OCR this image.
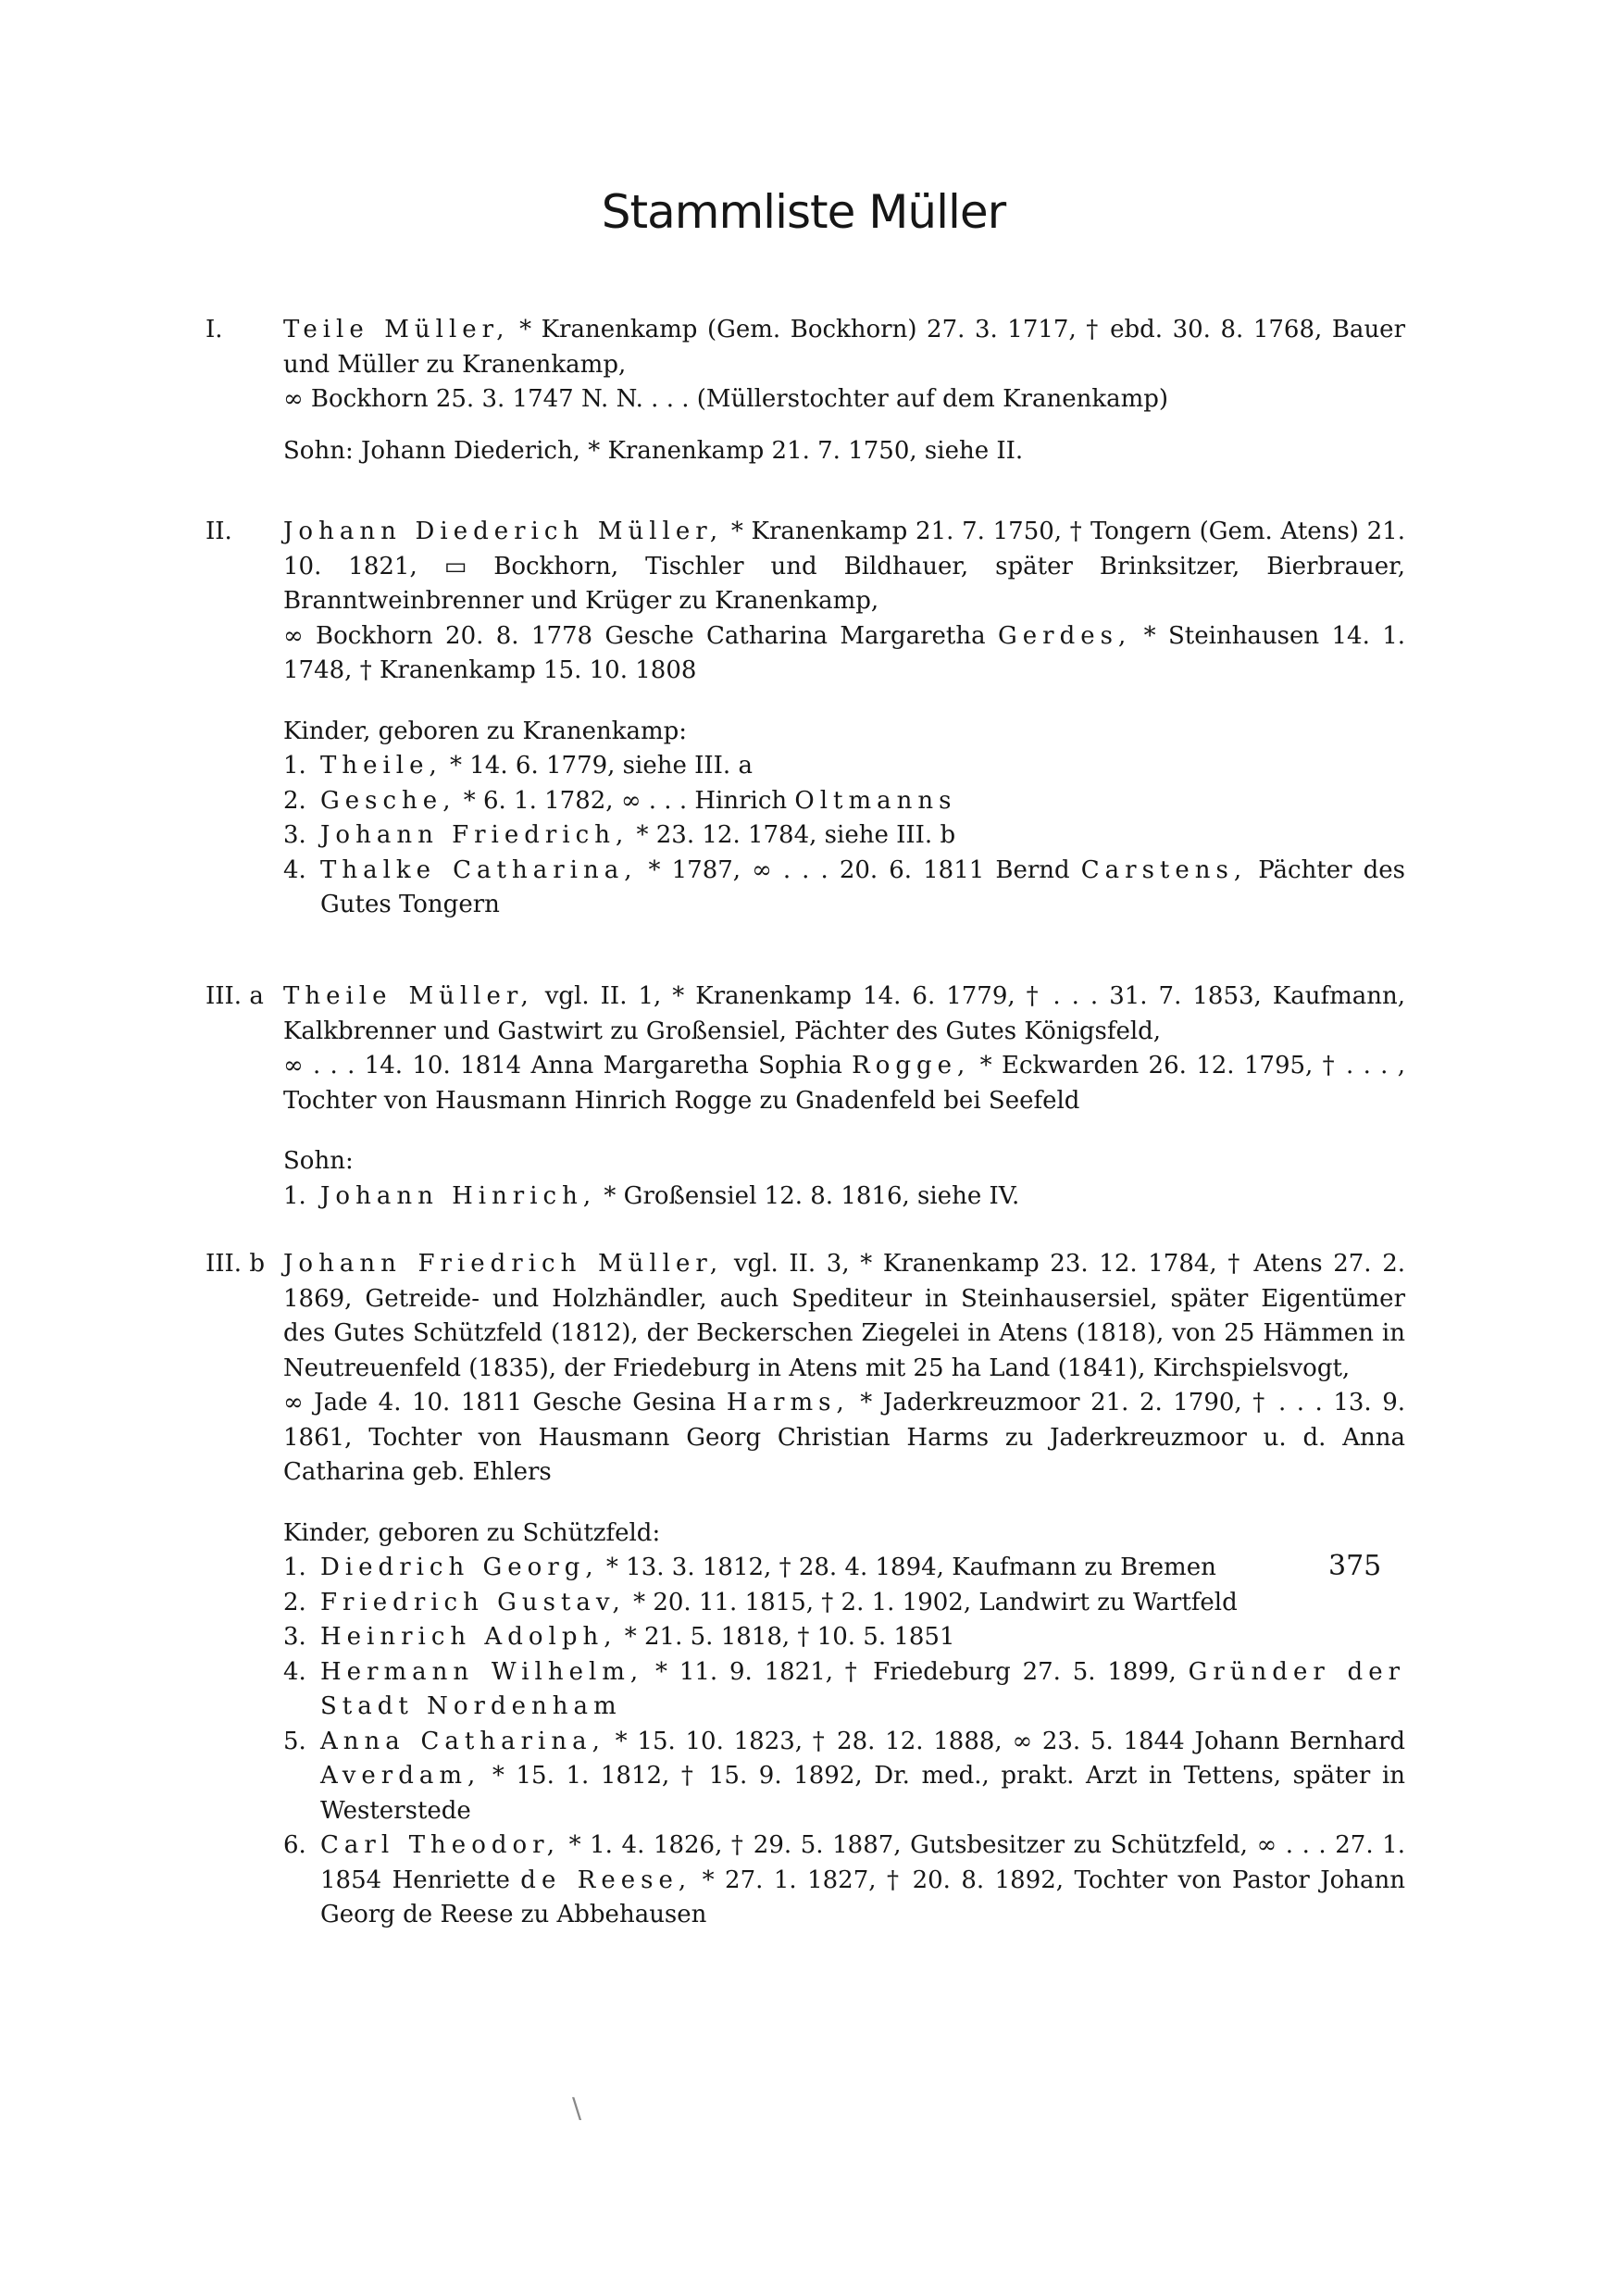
Stammliste Müller
I.	Teile Müller, * Kranenkamp (Gem. Bockhorn) 27. 3. 1717, † ebd. 30. 8. 1768, Bauer und Müller zu Kranenkamp,

∞ Bockhorn 25. 3. 1747 N. N. . . . (Müllerstochter auf dem Kranenkamp)

Sohn: Johann Diederich, * Kranenkamp 21. 7. 1750, siehe II.

II. Johann Diederich Müller, * Kranenkamp 21. 7. 1750, † Tongern (Gem. Atens) 21. 10. 1821, ▭ Bockhorn, Tischler und Bildhauer, später Brinksitzer, Bierbrauer, Branntweinbrenner und Krüger zu Kranenkamp,

∞ Bockhorn 20. 8. 1778 Gesche Catharina Margaretha Gerdes, * Steinhausen 14. 1. 1748, † Kranenkamp 15. 10. 1808

Kinder, geboren zu Kranenkamp:

1. Theile, * 14. 6. 1779, siehe III. a

2. Gesche, * 6. 1. 1782, ∞ . . . Hinrich Oltmanns

3. Johann Friedrich, * 23. 12. 1784, siehe III. b

4. Thalke Catharina, * 1787, ∞ . . . 20. 6. 1811 Bernd Carstens, Pächter des Gutes Tongern

III. a Theile Müller, vgl. II. 1, * Kranenkamp 14. 6. 1779, † . . . 31. 7. 1853, Kaufmann, Kalkbrenner und Gastwirt zu Großensiel, Pächter des Gutes Königsfeld,

∞ . . . 14. 10. 1814 Anna Margaretha Sophia Rogge, * Eckwarden 26. 12. 1795, † . . . , Tochter von Hausmann Hinrich Rogge zu Gnadenfeld bei Seefeld

Sohn:

1. Johann Hinrich, * Großensiel 12. 8. 1816, siehe IV.

III. b Johann Friedrich Müller, vgl. II. 3, * Kranenkamp 23. 12. 1784, † Atens 27. 2. 1869, Getreide- und Holzhändler, auch Spediteur in Steinhausersiel, später Eigentümer des Gutes Schützfeld (1812), der Beckerschen Ziegelei in Atens (1818), von 25 Hämmen in Neutreuenfeld (1835), der Friedeburg in Atens mit 25 ha Land (1841), Kirchspielsvogt,

∞ Jade 4. 10. 1811 Gesche Gesina Harms, * Jaderkreuzmoor 21. 2. 1790, † . . . 13. 9. 1861, Tochter von Hausmann Georg Christian Harms zu Jaderkreuzmoor u. d. Anna Catharina geb. Ehlers

Kinder, geboren zu Schützfeld:

1. Diedrich Georg, * 13. 3. 1812, † 28. 4. 1894, Kaufmann zu Bremen

2. Friedrich Gustav, * 20. 11. 1815, † 2. 1. 1902, Landwirt zu Wartfeld

3. Heinrich Adolph, * 21. 5. 1818, † 10. 5. 1851

4. Hermann Wilhelm, * 11. 9. 1821, † Friedeburg 27. 5. 1899, Gründer der Stadt Nordenham

5. Anna Catharina, * 15. 10. 1823, † 28. 12. 1888, ∞ 23. 5. 1844 Johann Bernhard Averdam, * 15. 1. 1812, † 15. 9. 1892, Dr. med., prakt. Arzt in Tettens, später in Westerstede

6. Carl Theodor, * 1. 4. 1826, † 29. 5. 1887, Gutsbesitzer zu Schützfeld, ∞ . . . 27. 1. 1854 Henriette de Reese, * 27. 1. 1827, † 20. 8. 1892, Tochter von Pastor Johann Georg de Reese zu Abbehausen

375
\
